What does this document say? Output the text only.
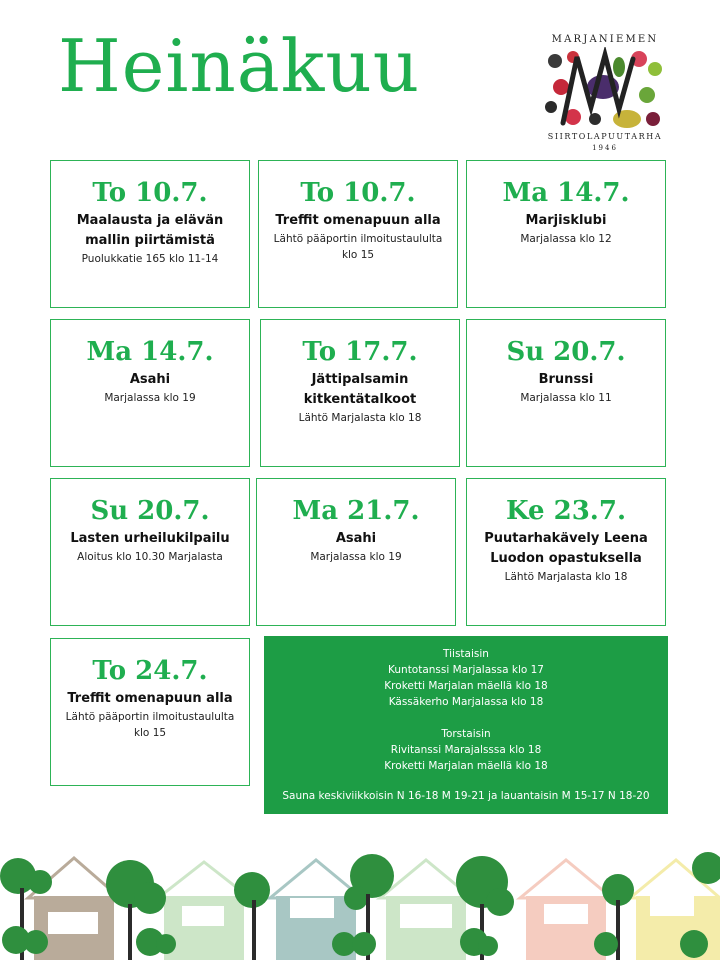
Heinäkuu	MARJANIEMEN
SIIRTOLAPUUTARHA
1946
To 10.7.
Maalausta ja elävän mallin piirtämistä
Puolukkatie 165 klo 11-14
To 10.7.
Treffit omenapuun alla
Lähtö pääportin ilmoitustaululta klo 15
Ma 14.7.
Marjisklubi
Marjalassa klo 12
Ma 14.7.
Asahi
Marjalassa klo 19
To 17.7.
Jättipalsamin kitkentätalkoot
Lähtö Marjalasta klo 18
Su 20.7.
Brunssi
Marjalassa klo 11
Su 20.7.
Lasten urheilukilpailu
Aloitus klo 10.30 Marjalasta
Ma 21.7.
Asahi
Marjalassa klo 19
Ke 23.7.
Puutarhakävely Leena Luodon opastuksella
Lähtö Marjalasta klo 18
To 24.7.
Treffit omenapuun alla
Lähtö pääportin ilmoitustaululta klo 15

Tiistaisin

Kuntotanssi Marjalassa klo 17

Kroketti Marjalan mäellä klo 18

Kässäkerho Marjalassa klo 18

Torstaisin

Rivitanssi Marajalsssa klo 18

Kroketti Marjalan mäellä klo 18

Sauna keskiviikkoisin N 16-18 M 19-21 ja lauantaisin M 15-17 N 18-20
